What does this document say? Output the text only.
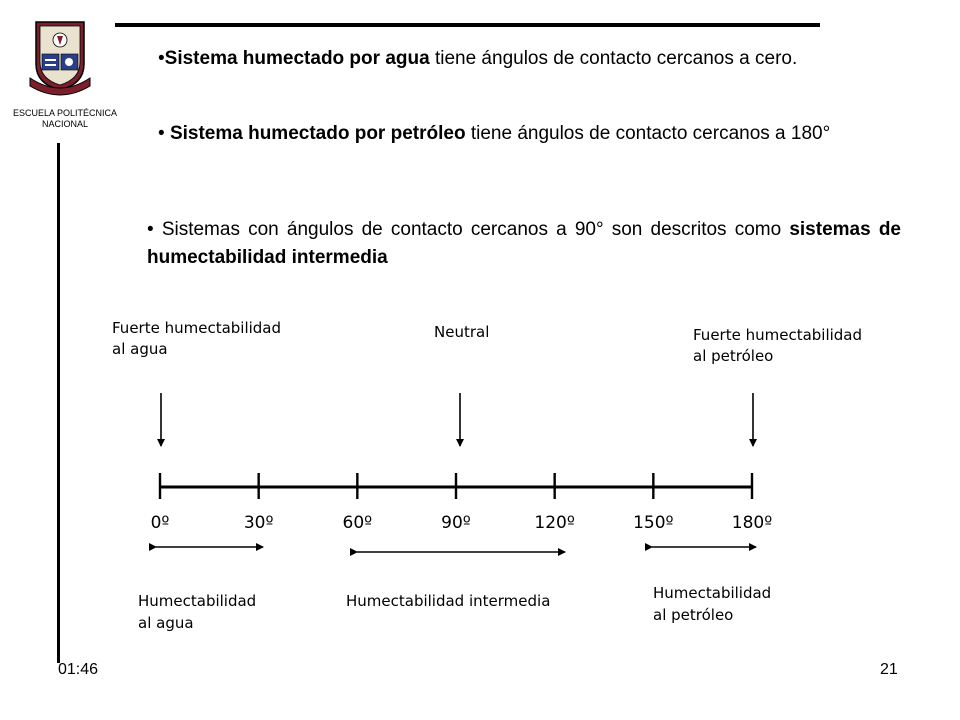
ESCUELA POLITÉCNICA NACIONAL
•Sistema humectado por agua tiene ángulos de contacto cercanos a cero.
• Sistema humectado por petróleo tiene ángulos de contacto cercanos a 180°
• Sistemas con ángulos de contacto cercanos a 90° son descritos como sistemas de humectabilidad intermedia
Fuerte humectabilidad al agua
Neutral	Fuerte humectabilidad al petróleo
0º	30º	60º	90º	120º	150º	180º
Humectabilidad al agua
Humectabilidad intermedia	Humectabilidad al petróleo
01:46	21
